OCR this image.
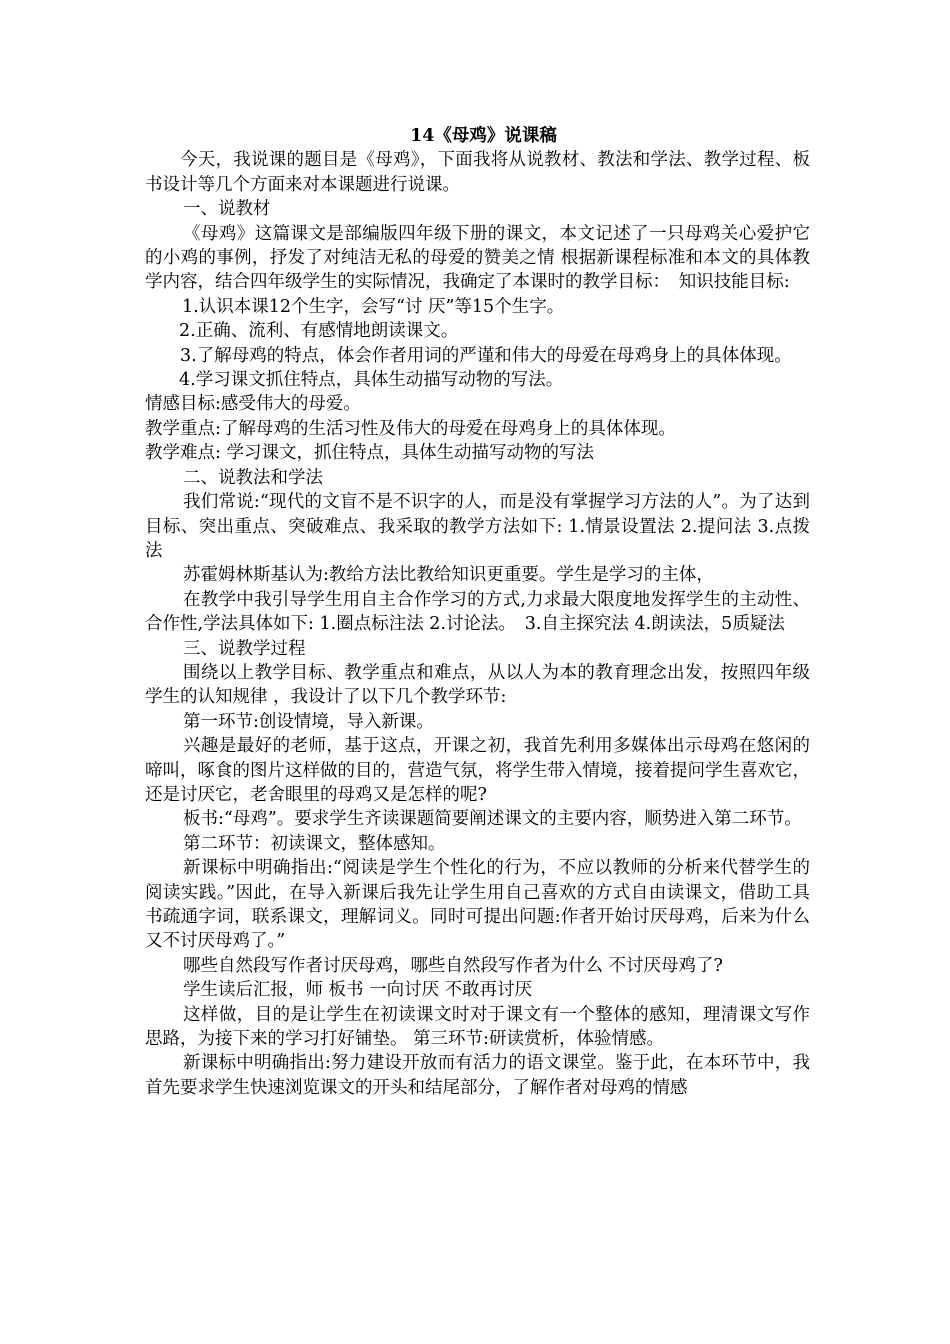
14《母鸡》说课稿

今天，我说课的题目是《母鸡》，下面我将从说教材、教法和学法、教学过程、板书设计等几个方面来对本课题进行说课。

一、说教材

《母鸡》这篇课文是部编版四年级下册的课文，本文记述了一只母鸡关心爱护它的小鸡的事例，抒发了对纯洁无私的母爱的赞美之情 根据新课程标准和本文的具体教学内容，结合四年级学生的实际情况，我确定了本课时的教学目标：　知识技能目标:

1.认识本课12个生字，会写“讨 厌”等15个生字。

2.正确、流利、有感情地朗读课文。

3.了解母鸡的特点，体会作者用词的严谨和伟大的母爱在母鸡身上的具体体现。

4.学习课文抓住特点，具体生动描写动物的写法。

情感目标:感受伟大的母爱。

教学重点:了解母鸡的生活习性及伟大的母爱在母鸡身上的具体体现。

教学难点: 学习课文，抓住特点，具体生动描写动物的写法

二、说教法和学法

我们常说:“现代的文盲不是不识字的人，而是没有掌握学习方法的人”。为了达到目标、突出重点、突破难点、我采取的教学方法如下: 1.情景设置法 2.提问法 3.点拨法

苏霍姆林斯基认为:教给方法比教给知识更重要。学生是学习的主体，

在教学中我引导学生用自主合作学习的方式,力求最大限度地发挥学生的主动性、合作性,学法具体如下: 1.圈点标注法 2.讨论法。　3.自主探究法 4.朗读法，5质疑法

三、说教学过程

围绕以上教学目标、教学重点和难点，从以人为本的教育理念出发，按照四年级学生的认知规律 ，我设计了以下几个教学环节:

第一环节:创设情境，导入新课。

兴趣是最好的老师，基于这点，开课之初，我首先利用多媒体出示母鸡在悠闲的啼叫，啄食的图片这样做的目的，营造气氛，将学生带入情境，接着提问学生喜欢它，还是讨厌它，老舍眼里的母鸡又是怎样的呢?

板书:“母鸡”。要求学生齐读课题简要阐述课文的主要内容，顺势进入第二环节。

第二环节：初读课文，整体感知。

新课标中明确指出:“阅读是学生个性化的行为，不应以教师的分析来代替学生的阅读实践。”因此，在导入新课后我先让学生用自己喜欢的方式自由读课文，借助工具书疏通字词，联系课文，理解词义。同时可提出问题:作者开始讨厌母鸡，后来为什么又不讨厌母鸡了。”

哪些自然段写作者讨厌母鸡，哪些自然段写作者为什么 不讨厌母鸡了?

学生读后汇报，师 板书 一向讨厌 不敢再讨厌

这样做，目的是让学生在初读课文时对于课文有一个整体的感知，理清课文写作思路，为接下来的学习打好铺垫。 第三环节:研读赏析，体验情感。

新课标中明确指出:努力建设开放而有活力的语文课堂。鉴于此，在本环节中，我首先要求学生快速浏览课文的开头和结尾部分，了解作者对母鸡的情感
